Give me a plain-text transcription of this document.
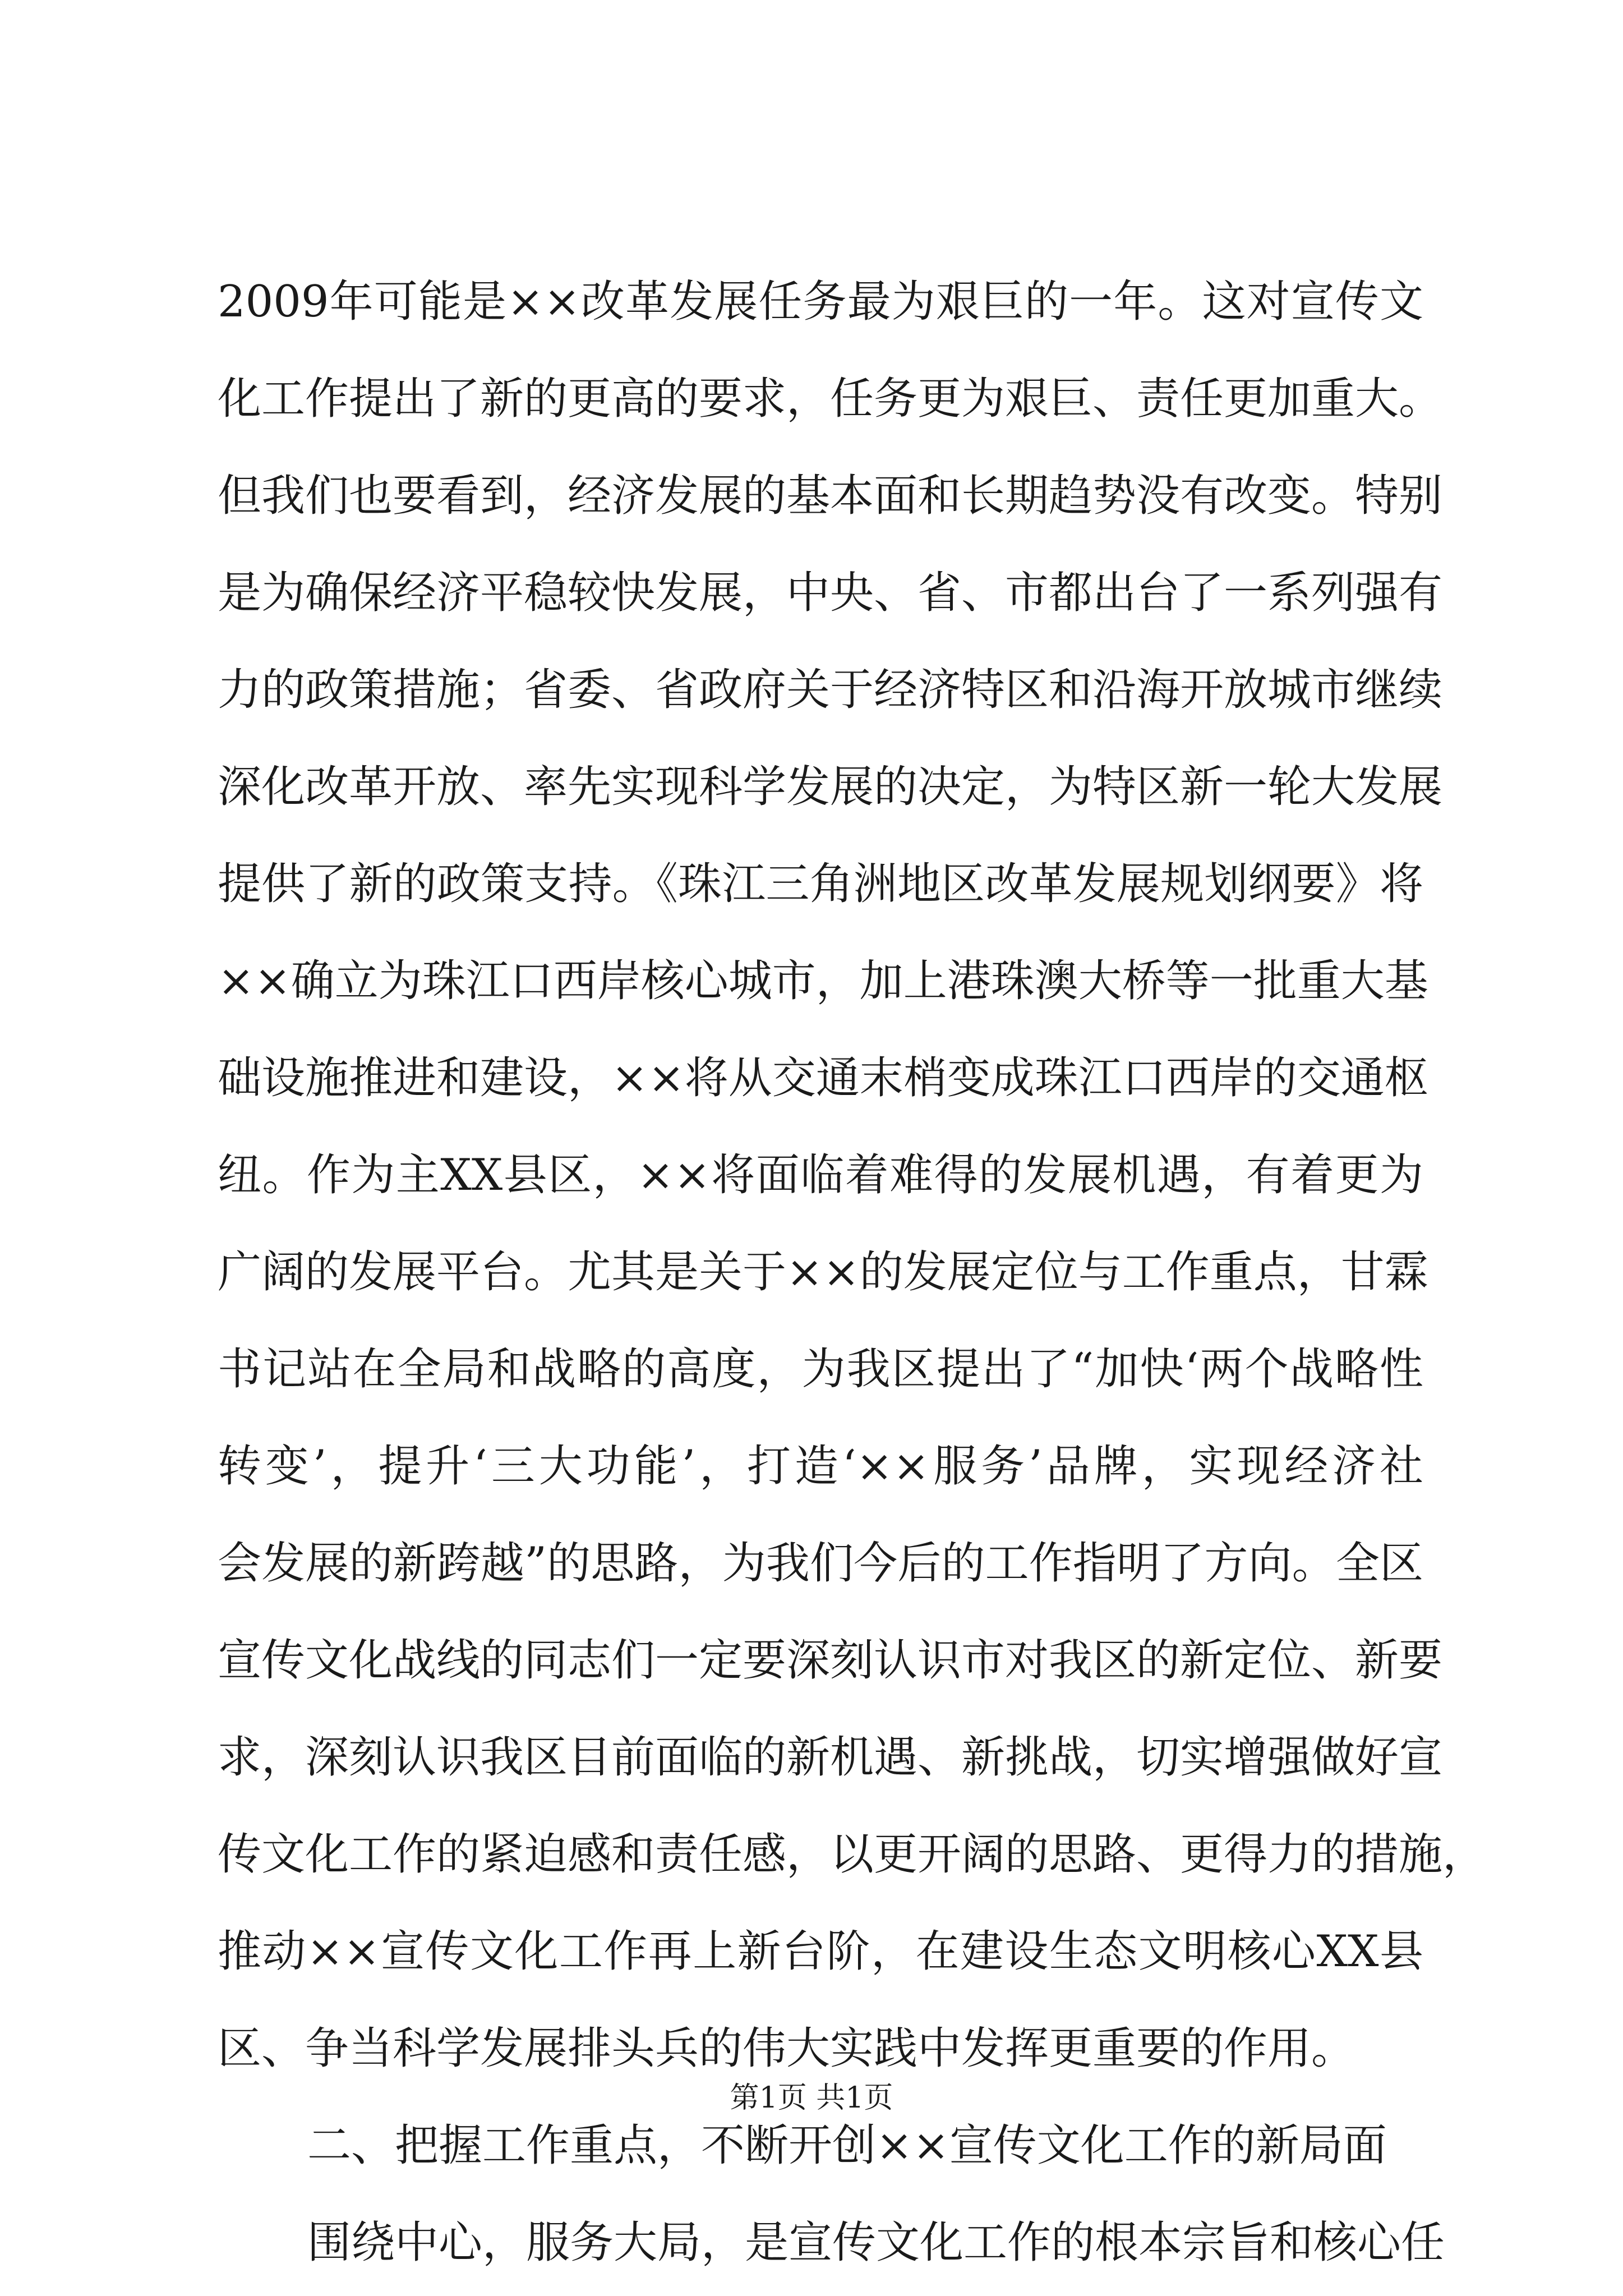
2009年可能是××改革发展任务最为艰巨的一年。这对宣传文
化工作提出了新的更高的要求，任务更为艰巨、责任更加重大。
但我们也要看到，经济发展的基本面和长期趋势没有改变。特别
是为确保经济平稳较快发展，中央、省、市都出台了一系列强有
力的政策措施；省委、省政府关于经济特区和沿海开放城市继续
深化改革开放、率先实现科学发展的决定，为特区新一轮大发展
提供了新的政策支持。《珠江三角洲地区改革发展规划纲要》将
××确立为珠江口西岸核心城市，加上港珠澳大桥等一批重大基
础设施推进和建设，××将从交通末梢变成珠江口西岸的交通枢
纽。作为主XX县区，××将面临着难得的发展机遇，有着更为
广阔的发展平台。尤其是关于××的发展定位与工作重点，甘霖
书记站在全局和战略的高度，为我区提出了“加快‘两个战略性
转变’，提升‘三大功能’，打造‘××服务’品牌，实现经济社
会发展的新跨越”的思路，为我们今后的工作指明了方向。全区
宣传文化战线的同志们一定要深刻认识市对我区的新定位、新要
求，深刻认识我区目前面临的新机遇、新挑战，切实增强做好宣
传文化工作的紧迫感和责任感，以更开阔的思路、更得力的措施，
推动××宣传文化工作再上新台阶，在建设生态文明核心XX县
区、争当科学发展排头兵的伟大实践中发挥更重要的作用。
二、把握工作重点，不断开创××宣传文化工作的新局面
围绕中心，服务大局，是宣传文化工作的根本宗旨和核心任
第1页 共1页
